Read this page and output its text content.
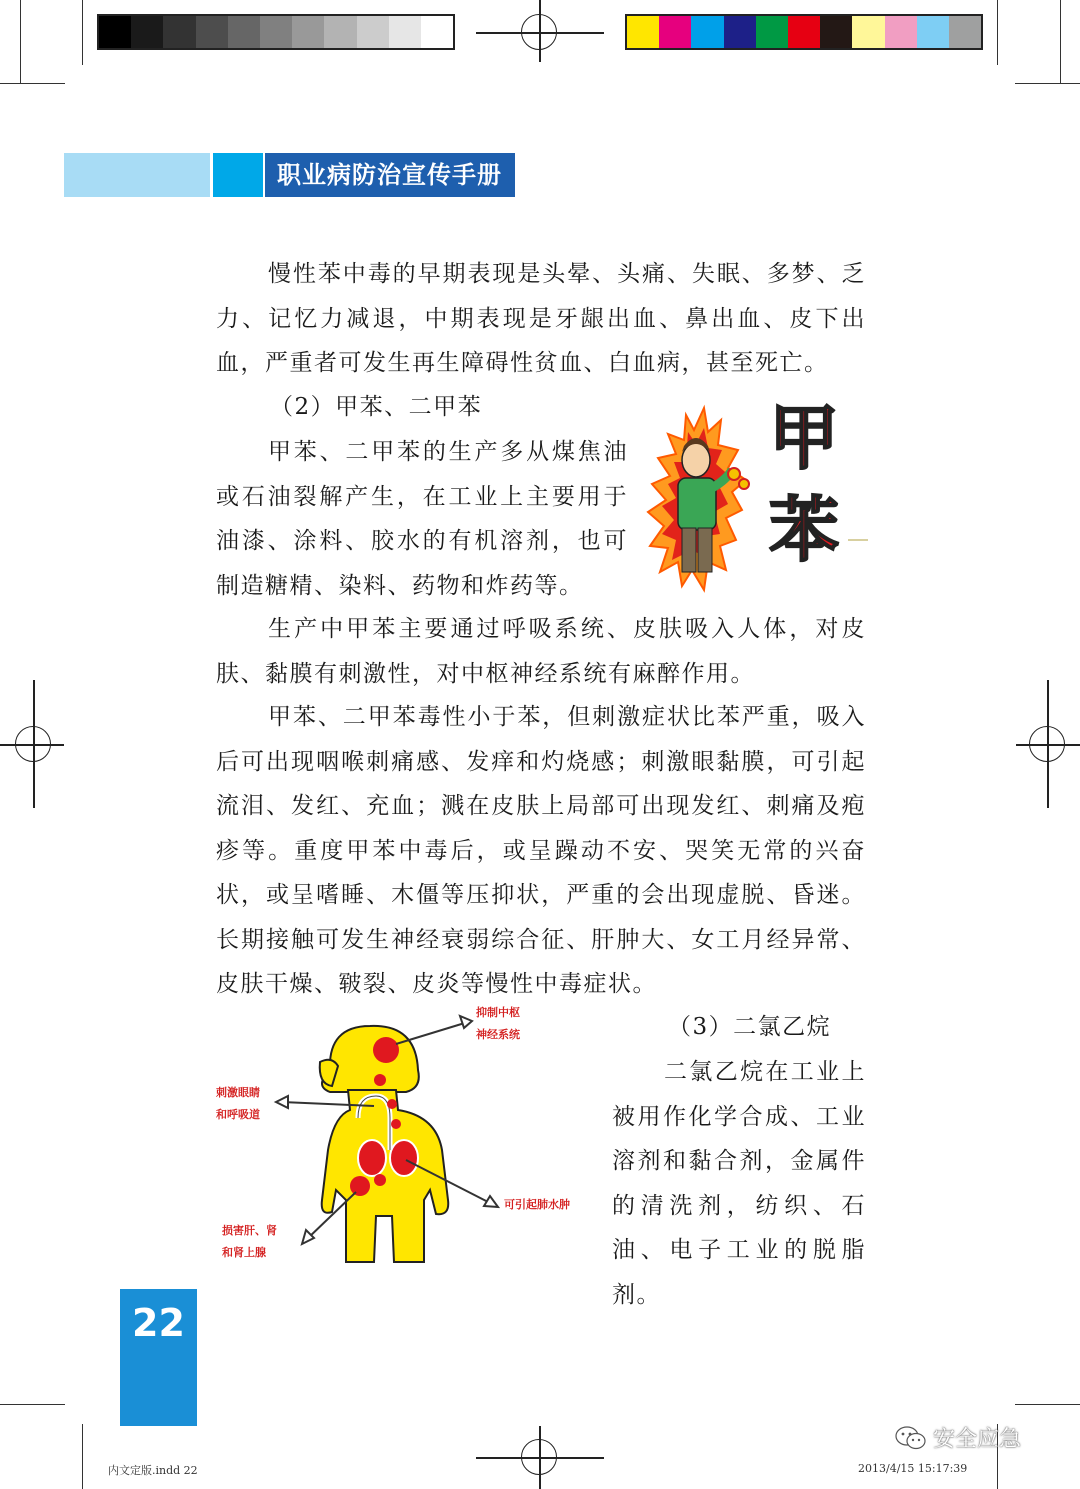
职业病防治宣传手册

慢性苯中毒的早期表现是头晕、头痛、失眠、多梦、乏力、记忆力减退，中期表现是牙龈出血、鼻出血、皮下出血，严重者可发生再生障碍性贫血、白血病，甚至死亡。

（2）甲苯、二甲苯

甲苯、二甲苯的生产多从煤焦油或石油裂解产生，在工业上主要用于油漆、涂料、胶水的有机溶剂，也可制造糖精、染料、药物和炸药等。

生产中甲苯主要通过呼吸系统、皮肤吸入人体，对皮肤、黏膜有刺激性，对中枢神经系统有麻醉作用。

甲苯、二甲苯毒性小于苯，但刺激症状比苯严重，吸入后可出现咽喉刺痛感、发痒和灼烧感；刺激眼黏膜，可引起流泪、发红、充血；溅在皮肤上局部可出现发红、刺痛及疱疹等。重度甲苯中毒后，或呈躁动不安、哭笑无常的兴奋状，或呈嗜睡、木僵等压抑状，严重的会出现虚脱、昏迷。长期接触可发生神经衰弱综合征、肝肿大、女工月经异常、皮肤干燥、皲裂、皮炎等慢性中毒症状。

（3）二氯乙烷

二氯乙烷在工业上被用作化学合成、工业溶剂和黏合剂，金属件的清洗剂，纺织、石油、电子工业的脱脂剂。

甲
苯
抑制中枢
神经系统
刺激眼睛
和呼吸道
可引起肺水肿
损害肝、肾
和肾上腺
22
内文定版.indd 22	2013/4/15 15:17:39
安全应急
